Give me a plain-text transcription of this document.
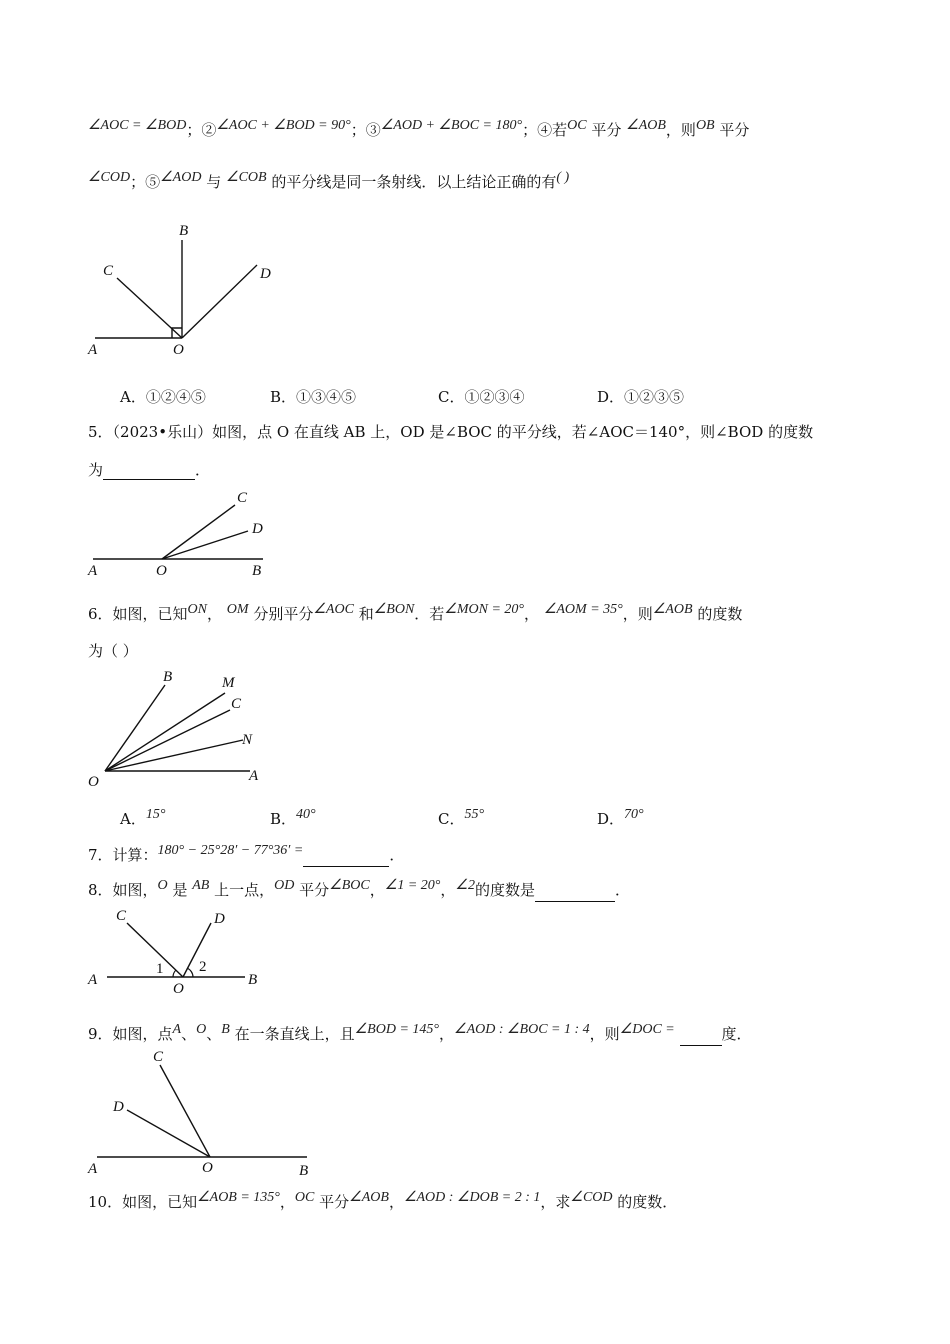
∠AOC = ∠BOD；②∠AOC + ∠BOD = 90°；③∠AOD + ∠BOC = 180°；④若OC 平分 ∠AOB，则OB 平分
∠COD；⑤∠AOD 与 ∠COB 的平分线是同一条射线．以上结论正确的有( )
B
C	D
A	O
A．①②④⑤	B．①③④⑤	C．①②③④	D．①②③⑤
5．（2023•乐山）如图，点 O 在直线 AB 上，OD 是∠BOC 的平分线，若∠AOC＝140°，则∠BOD 的度数
为	．
C
D
A	O	B
6．如图，已知ON， OM 分别平分∠AOC 和∠BON．若∠MON = 20°， ∠AOM = 35°，则∠AOB 的度数
为（ ）
B	M
C
N
O	A
A．15°	B．40°	C．55°	D．70°
7．计算：180° − 25°28′ − 77°36′ =	．
8．如图，O 是 AB 上一点，OD 平分∠BOC，∠1 = 20°，∠2的度数是	．
C	D
1 2
A	B
O
9．如图，点A、O、B 在一条直线上，且∠BOD = 145°，∠AOD : ∠BOC = 1 : 4，则∠DOC =	度．
C
D
A	O	B
10．如图，已知∠AOB = 135°，OC 平分∠AOB，∠AOD : ∠DOB = 2 : 1，求∠COD 的度数．
